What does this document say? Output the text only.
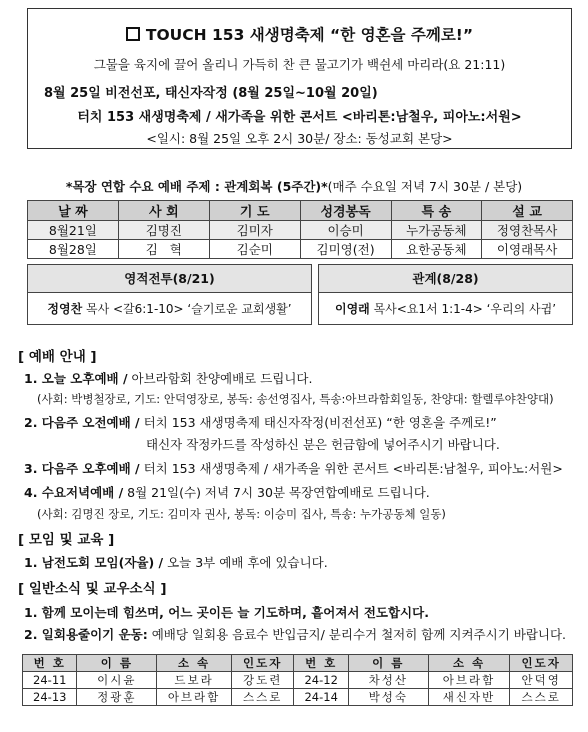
TOUCH 153 새생명축제 “한 영혼을 주께로!”
그물을 육지에 끌어 올리니 가득히 찬 큰 물고기가 백쉰세 마리라(요 21:11)
8월 25일 비전선포, 태신자작정 (8월 25일~10월 20일)
터치 153 새생명축제 / 새가족을 위한 콘서트 <바리톤:남철우, 피아노:서원>
<일시: 8월 25일 오후 2시 30분/ 장소: 동성교회 본당>
*목장 연합 수요 예배 주제 : 관계회복 (5주간)*(매주 수요일 저녁 7시 30분 / 본당)
날 짜	사 회	기 도	성경봉독	특 송	설 교
8월21일	김명진	김미자	이승미	누가공동체	정영찬목사
8월28일	김   혁	김순미	김미영(전)	요한공동체	이영래목사
영적전투(8/21)
정영찬 목사 <갈6:1-10> ‘슬기로운 교회생활’
관계(8/28)
이영래 목사<요1서 1:1-4> ‘우리의 사귐’
[ 예배 안내 ]
1. 오늘 오후예배 / 아브라함회 찬양예배로 드립니다.
(사회: 박병철장로, 기도: 안덕영장로, 봉독: 송선영집사, 특송:아브라함회일동, 찬양대: 할렐루야찬양대)
2. 다음주 오전예배 / 터치 153 새생명축제 태신자작정(비전선포) “한 영혼을 주께로!”
태신자 작정카드를 작성하신 분은 헌금함에 넣어주시기 바랍니다.
3. 다음주 오후예배 / 터치 153 새생명축제 / 새가족을 위한 콘서트 <바리톤:남철우, 피아노:서원>
4. 수요저녁예배 / 8월 21일(수) 저녁 7시 30분 목장연합예배로 드립니다.
(사회: 김명진 장로, 기도: 김미자 권사, 봉독: 이승미 집사, 특송: 누가공동체 일동)
[ 모임 및 교육 ]
1. 남전도회 모임(자율) / 오늘 3부 예배 후에 있습니다.
[ 일반소식 및 교우소식 ]
1. 함께 모이는데 힘쓰며, 어느 곳이든 늘 기도하며, 흩어져서 전도합시다.
2. 일회용줄이기 운동: 예배당 일회용 음료수 반입금지/ 분리수거 철저히 함께 지켜주시기 바랍니다.
번 호	이 름	소 속	인도자	번 호	이 름	소 속	인도자
24-11	이시윤	드보라	강도련	24-12	차성산	아브라함	안덕영
24-13	정광훈	아브라함	스스로	24-14	박성숙	새신자반	스스로
